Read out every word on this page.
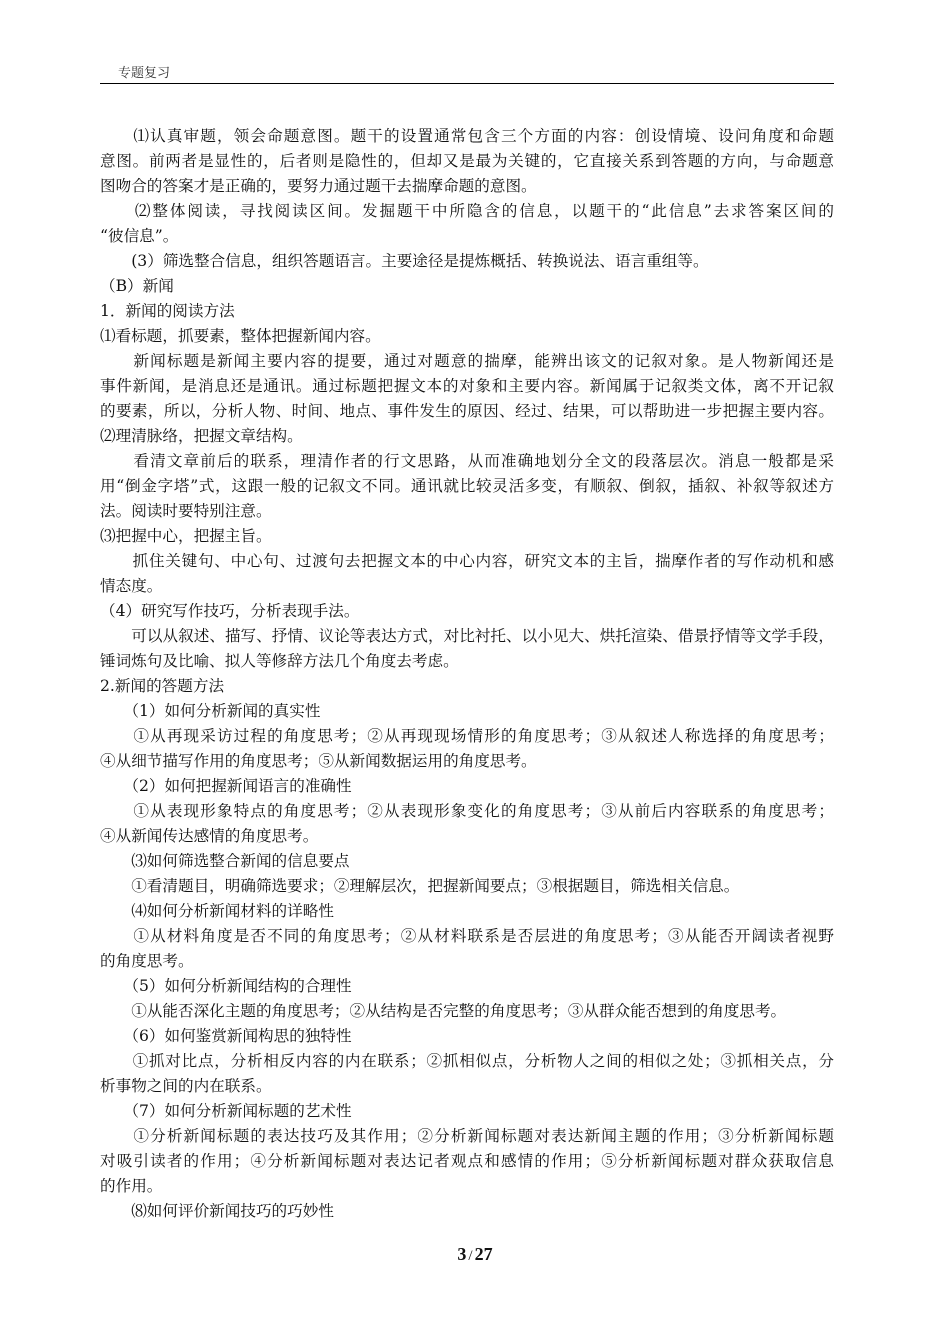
专题复习
　　⑴认真审题，领会命题意图。题干的设置通常包含三个方面的内容：创设情境、设问角度和命题
意图。前两者是显性的，后者则是隐性的，但却又是最为关键的，它直接关系到答题的方向，与命题意
图吻合的答案才是正确的，要努力通过题干去揣摩命题的意图。
　　⑵整体阅读，寻找阅读区间。发掘题干中所隐含的信息，以题干的“此信息”去求答案区间的
“彼信息”。
　　(3）筛选整合信息，组织答题语言。主要途径是提炼概括、转换说法、语言重组等。
（B）新闻
1．新闻的阅读方法
⑴看标题，抓要素，整体把握新闻内容。
　　新闻标题是新闻主要内容的提要，通过对题意的揣摩，能辨出该文的记叙对象。是人物新闻还是
事件新闻，是消息还是通讯。通过标题把握文本的对象和主要内容。新闻属于记叙类文体，离不开记叙
的要素，所以，分析人物、时间、地点、事件发生的原因、经过、结果，可以帮助进一步把握主要内容。
⑵理清脉络，把握文章结构。
　　看清文章前后的联系，理清作者的行文思路，从而准确地划分全文的段落层次。消息一般都是采
用“倒金字塔”式，这跟一般的记叙文不同。通讯就比较灵活多变，有顺叙、倒叙，插叙、补叙等叙述方
法。阅读时要特别注意。
⑶把握中心，把握主旨。
　　抓住关键句、中心句、过渡句去把握文本的中心内容，研究文本的主旨，揣摩作者的写作动机和感
情态度。
（4）研究写作技巧，分析表现手法。
　　可以从叙述、描写、抒情、议论等表达方式，对比衬托、以小见大、烘托渲染、借景抒情等文学手段，
锤词炼句及比喻、拟人等修辞方法几个角度去考虑。
2.新闻的答题方法
　　（1）如何分析新闻的真实性
　　①从再现采访过程的角度思考；②从再现现场情形的角度思考；③从叙述人称选择的角度思考；
④从细节描写作用的角度思考；⑤从新闻数据运用的角度思考。
　　（2）如何把握新闻语言的准确性
　　①从表现形象特点的角度思考；②从表现形象变化的角度思考；③从前后内容联系的角度思考；
④从新闻传达感情的角度思考。
　　⑶如何筛选整合新闻的信息要点
　　①看清题目，明确筛选要求；②理解层次，把握新闻要点；③根据题目，筛选相关信息。
　　⑷如何分析新闻材料的详略性
　　①从材料角度是否不同的角度思考；②从材料联系是否层进的角度思考；③从能否开阔读者视野
的角度思考。
　　（5）如何分析新闻结构的合理性
　　①从能否深化主题的角度思考；②从结构是否完整的角度思考；③从群众能否想到的角度思考。
　　（6）如何鉴赏新闻构思的独特性
　　①抓对比点，分析相反内容的内在联系；②抓相似点，分析物人之间的相似之处；③抓相关点，分
析事物之间的内在联系。
　　（7）如何分析新闻标题的艺术性
　　①分析新闻标题的表达技巧及其作用；②分析新闻标题对表达新闻主题的作用；③分析新闻标题
对吸引读者的作用；④分析新闻标题对表达记者观点和感情的作用；⑤分析新闻标题对群众获取信息
的作用。
　　⑻如何评价新闻技巧的巧妙性
3 / 27
